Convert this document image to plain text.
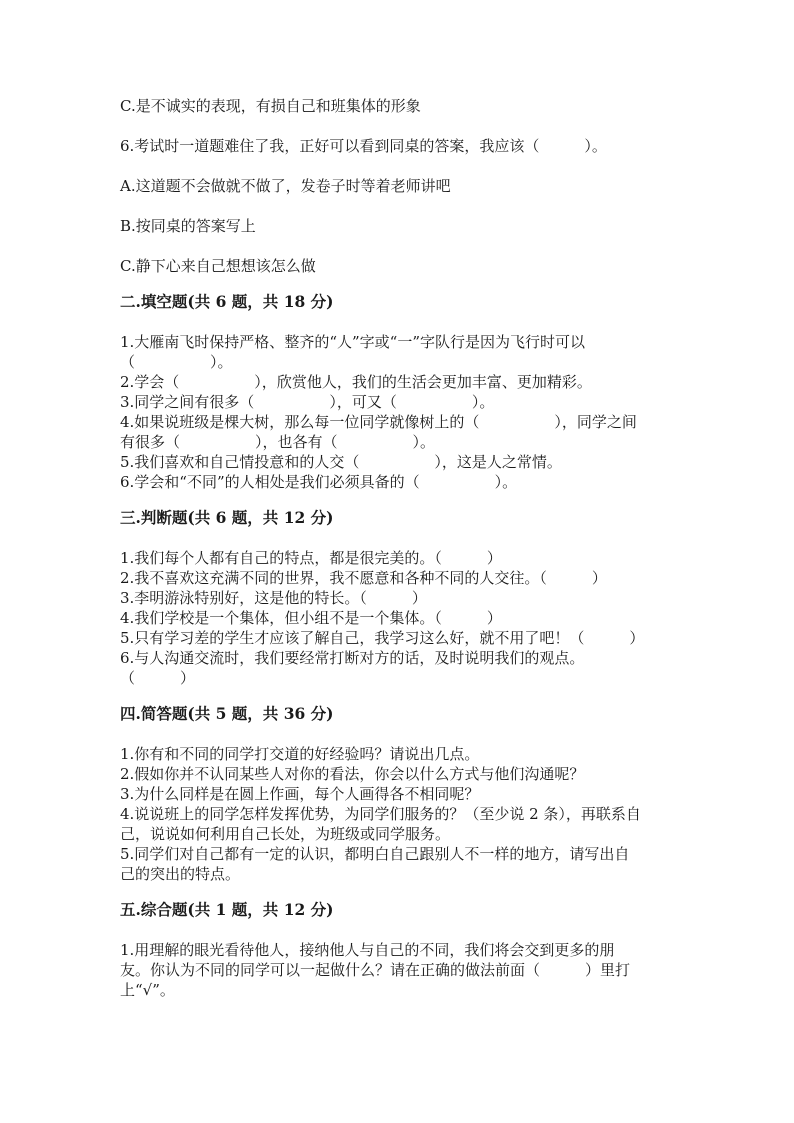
C.是不诚实的表现，有损自己和班集体的形象

6.考试时一道题难住了我，正好可以看到同桌的答案，我应该（　　　）。

A.这道题不会做就不做了，发卷子时等着老师讲吧

B.按同桌的答案写上

C.静下心来自己想想该怎么做

二.填空题(共 6 题，共 18 分)

1.大雁南飞时保持严格、整齐的“人”字或“一”字队行是因为飞行时可以

（　　　　　）。

2.学会（　　　　　），欣赏他人，我们的生活会更加丰富、更加精彩。

3.同学之间有很多（　　　　　），可又（　　　　　）。

4.如果说班级是棵大树，那么每一位同学就像树上的（　　　　　），同学之间

有很多（　　　　　），也各有（　　　　　）。

5.我们喜欢和自己情投意和的人交（　　　　　），这是人之常情。

6.学会和“不同”的人相处是我们必须具备的（　　　　　）。

三.判断题(共 6 题，共 12 分)

1.我们每个人都有自己的特点，都是很完美的。（　　　）

2.我不喜欢这充满不同的世界，我不愿意和各种不同的人交往。（　　　）

3.李明游泳特别好，这是他的特长。（　　　）

4.我们学校是一个集体，但小组不是一个集体。（　　　）

5.只有学习差的学生才应该了解自己，我学习这么好，就不用了吧！（　　　）

6.与人沟通交流时，我们要经常打断对方的话，及时说明我们的观点。

（　　　）

四.简答题(共 5 题，共 36 分)

1.你有和不同的同学打交道的好经验吗？请说出几点。

2.假如你并不认同某些人对你的看法，你会以什么方式与他们沟通呢？

3.为什么同样是在圆上作画，每个人画得各不相同呢？

4.说说班上的同学怎样发挥优势，为同学们服务的？（至少说 2 条），再联系自

己，说说如何利用自己长处，为班级或同学服务。

5.同学们对自己都有一定的认识，都明白自己跟别人不一样的地方，请写出自

己的突出的特点。

五.综合题(共 1 题，共 12 分)

1.用理解的眼光看待他人，接纳他人与自己的不同，我们将会交到更多的朋

友。你认为不同的同学可以一起做什么？请在正确的做法前面（　　　）里打

上“√”。
